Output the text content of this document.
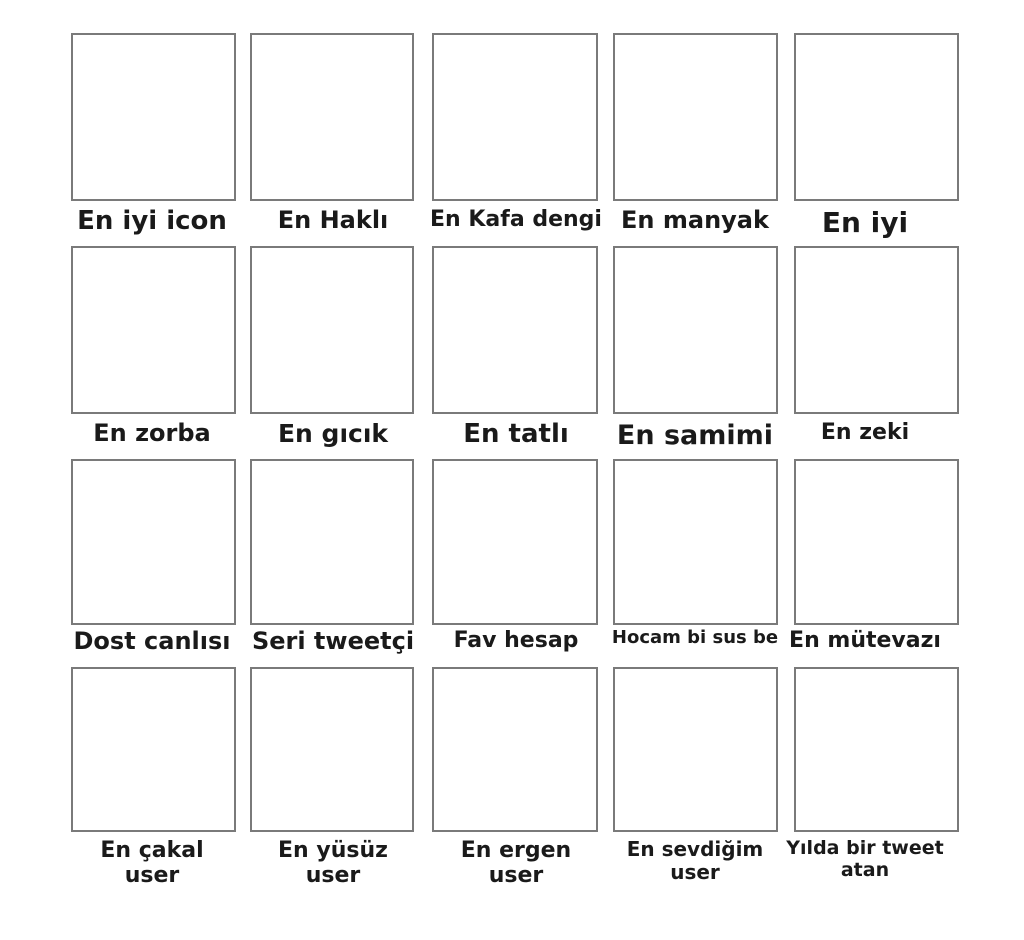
En iyi icon	En Haklı	En Kafa dengi En manyak	En iyi
En zorba	En gıcık	En tatlı	En samimi	En zeki
Dost canlısı Seri tweetçi	Fav hesap	Hocam bi sus be En mütevazı
En çakal
user
En yüsüz
user
En ergen
user
En sevdiğim
user
Yılda bir tweet
atan
